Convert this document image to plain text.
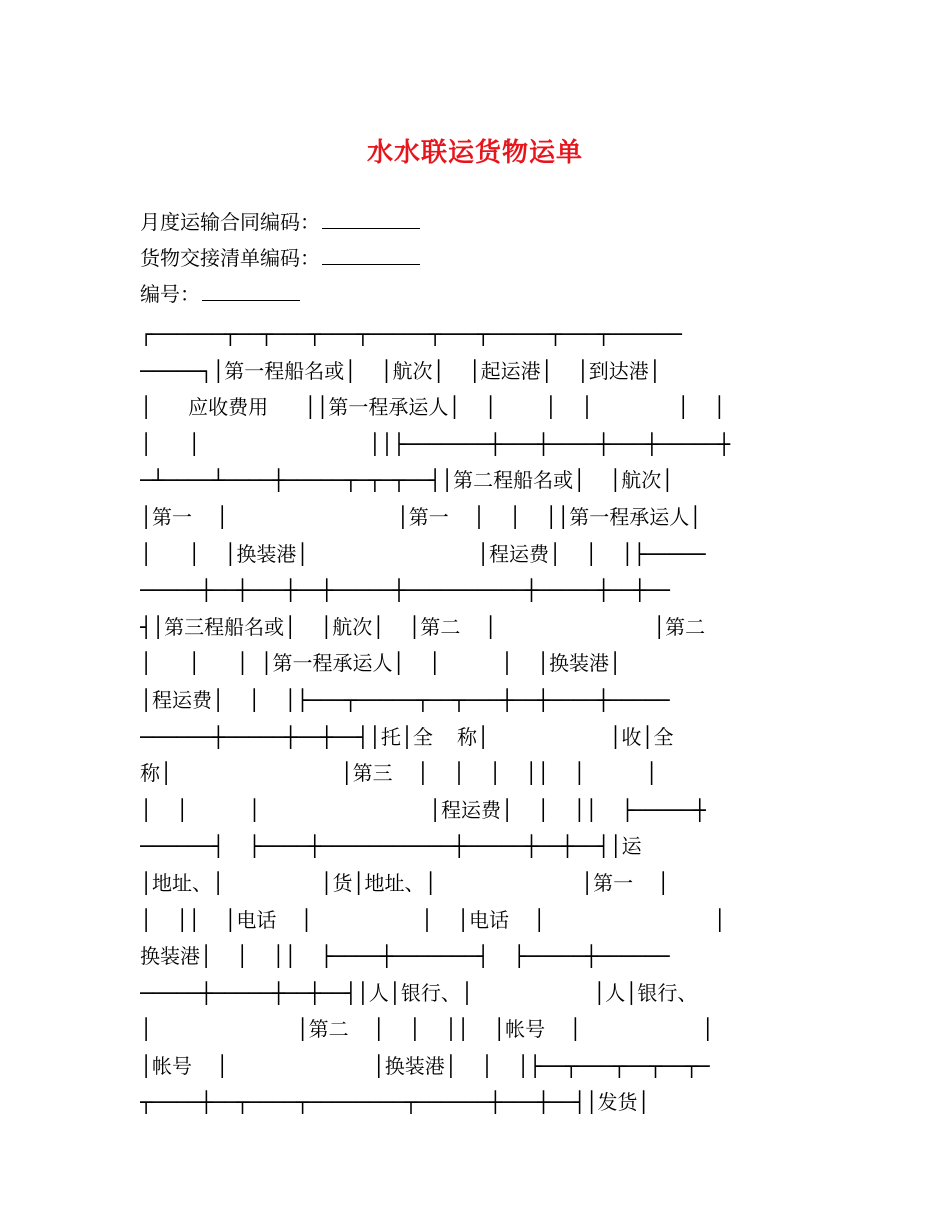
水水联运货物运单
月度运输合同编码：
货物交接清单编码：
编号：
┌──────┬──┬───┬───┬─────┬───┬─────┬───┬──────
─────┐│第一程船名或│  │航次│  │起运港│  │到达港│
│   应收费用   ││第一程承运人│  │    │  │       │  │
│   │              ││├───────┼───┼────┼───┼─────┼
─┴────┴────┼─────┬─┬─┬──┤│第二程船名或│  │航次│
│第一  │              │第一  │  │  ││第一程承运人│
│   │  │换装港│              │程运费│  │  │├─────
─────┼──┼───┼──┼─────┼──────────┼─────┼──┼──
┤│第三程船名或│  │航次│  │第二  │             │第二
│   │   │ │第一程承运人│  │     │  │换装港│
│程运费│  │  │├───┬─────┬──┬───┼──┼────┼─────
──────┼─────┼──┼──┤│托│全  称│          │收│全
称│              │第三  │  │  │  ││  │     │
│  │     │              │程运费│  │  ││  ├─────┼
──────┤  ├────┼───────────┼─────┼──┼──┤│运
│地址、│        │货│地址、│            │第一  │
│  ││  │电话  │         │  │电话  │              │
换装港│  │  ││  ├────┼───────┤  ├─────┼──────
─────┼─────┼──┼──┤│人│银行、│          │人│银行、
│            │第二  │  │  ││  │帐号  │          │
│帐号  │            │换装港│  │  │├──┬───┬──┬──┬─
┬────┼──┬────┬────────┬──────┼───┼──┤│发货│
